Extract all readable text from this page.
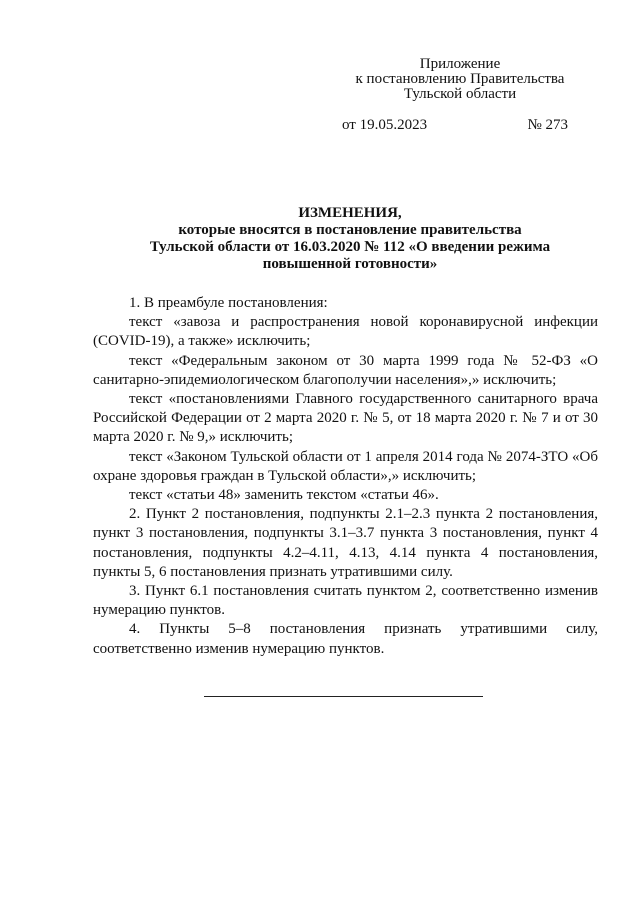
Приложение
к постановлению Правительства
Тульской области
от 19.05.2023	№ 273
ИЗМЕНЕНИЯ,
которые вносятся в постановление правительства
Тульской области от 16.03.2020 № 112 «О введении режима
повышенной готовности»

1. В преамбуле постановления:

текст «завоза и распространения новой коронавирусной инфекции (COVID-19), а также» исключить;

текст «Федеральным законом от 30 марта 1999 года № 52-ФЗ «О санитарно-эпидемиологическом благополучии населения»,» исключить;

текст «постановлениями Главного государственного санитарного врача Российской Федерации от 2 марта 2020 г. № 5, от 18 марта 2020 г. № 7 и от 30 марта 2020 г. № 9,» исключить;

текст «Законом Тульской области от 1 апреля 2014 года № 2074-ЗТО «Об охране здоровья граждан в Тульской области»,» исключить;

текст «статьи 48» заменить текстом «статьи 46».

2. Пункт 2 постановления, подпункты 2.1–2.3 пункта 2 постановления, пункт 3 постановления, подпункты 3.1–3.7 пункта 3 постановления, пункт 4 постановления, подпункты 4.2–4.11, 4.13, 4.14 пункта 4 постановления, пункты 5, 6 постановления признать утратившими силу.

3. Пункт 6.1 постановления считать пунктом 2, соответственно изменив нумерацию пунктов.

4. Пункты 5–8 постановления признать утратившими силу, соответственно изменив нумерацию пунктов.
